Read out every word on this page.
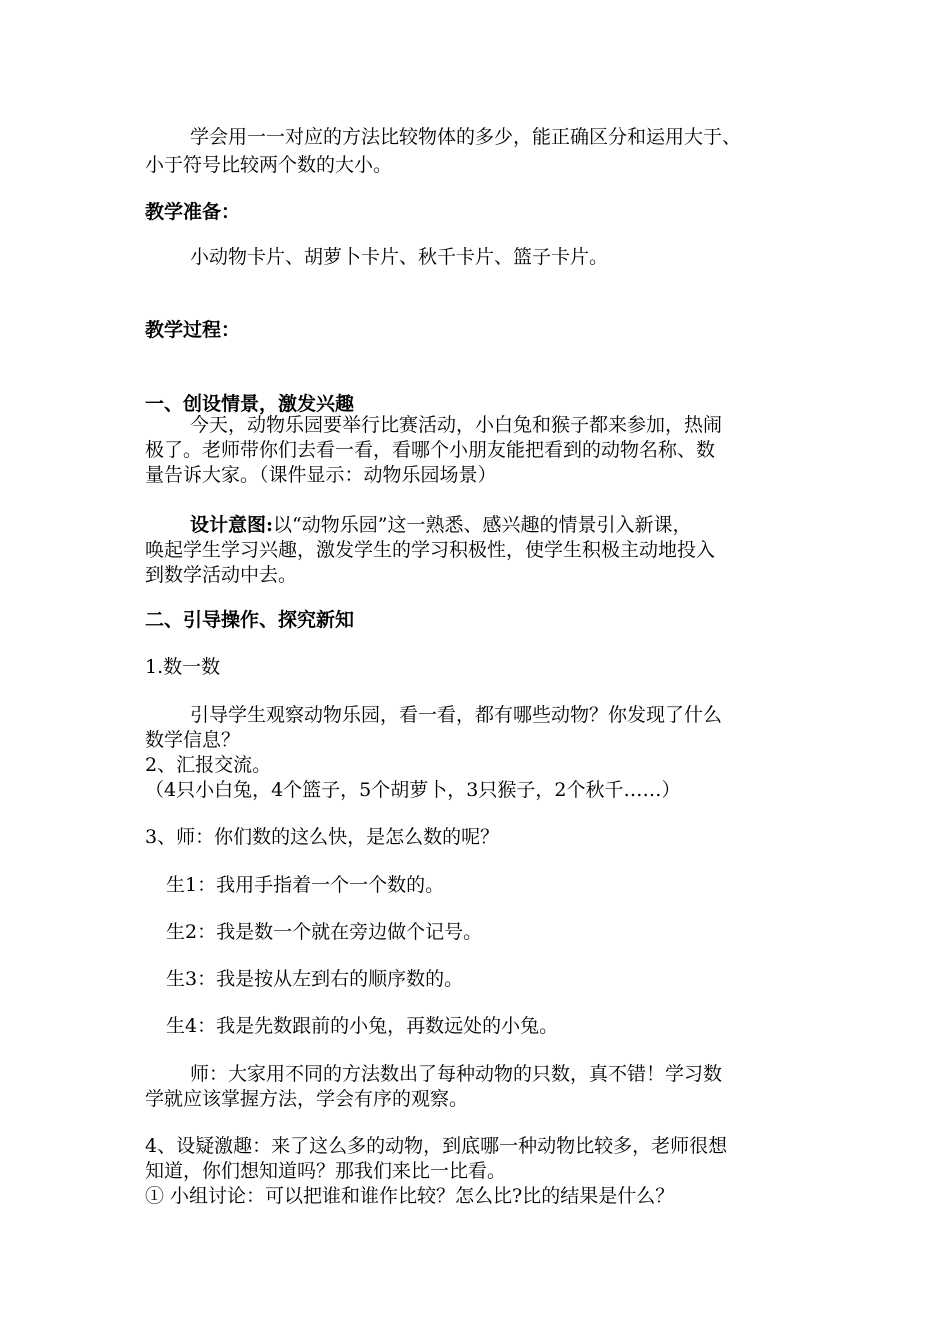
学会用一一对应的方法比较物体的多少，能正确区分和运用大于、
小于符号比较两个数的大小。
教学准备：
小动物卡片、胡萝卜卡片、秋千卡片、篮子卡片。
教学过程：
一、创设情景，激发兴趣
今天，动物乐园要举行比赛活动，小白兔和猴子都来参加，热闹
极了。老师带你们去看一看，看哪个小朋友能把看到的动物名称、数
量告诉大家。（课件显示：动物乐园场景）
设计意图:以“动物乐园”这一熟悉、感兴趣的情景引入新课，
唤起学生学习兴趣，激发学生的学习积极性，使学生积极主动地投入
到数学活动中去。
二、引导操作、探究新知
1.数一数
引导学生观察动物乐园，看一看，都有哪些动物？你发现了什么
数学信息？
2、汇报交流。
（4只小白兔，4个篮子，5个胡萝卜，3只猴子，2个秋千……）
3、师：你们数的这么快，是怎么数的呢？
生1：我用手指着一个一个数的。
生2：我是数一个就在旁边做个记号。
生3：我是按从左到右的顺序数的。
生4：我是先数跟前的小兔，再数远处的小兔。
师：大家用不同的方法数出了每种动物的只数，真不错！学习数
学就应该掌握方法，学会有序的观察。
4、设疑激趣：来了这么多的动物，到底哪一种动物比较多，老师很想
知道，你们想知道吗？那我们来比一比看。
① 小组讨论：可以把谁和谁作比较？怎么比?比的结果是什么？
